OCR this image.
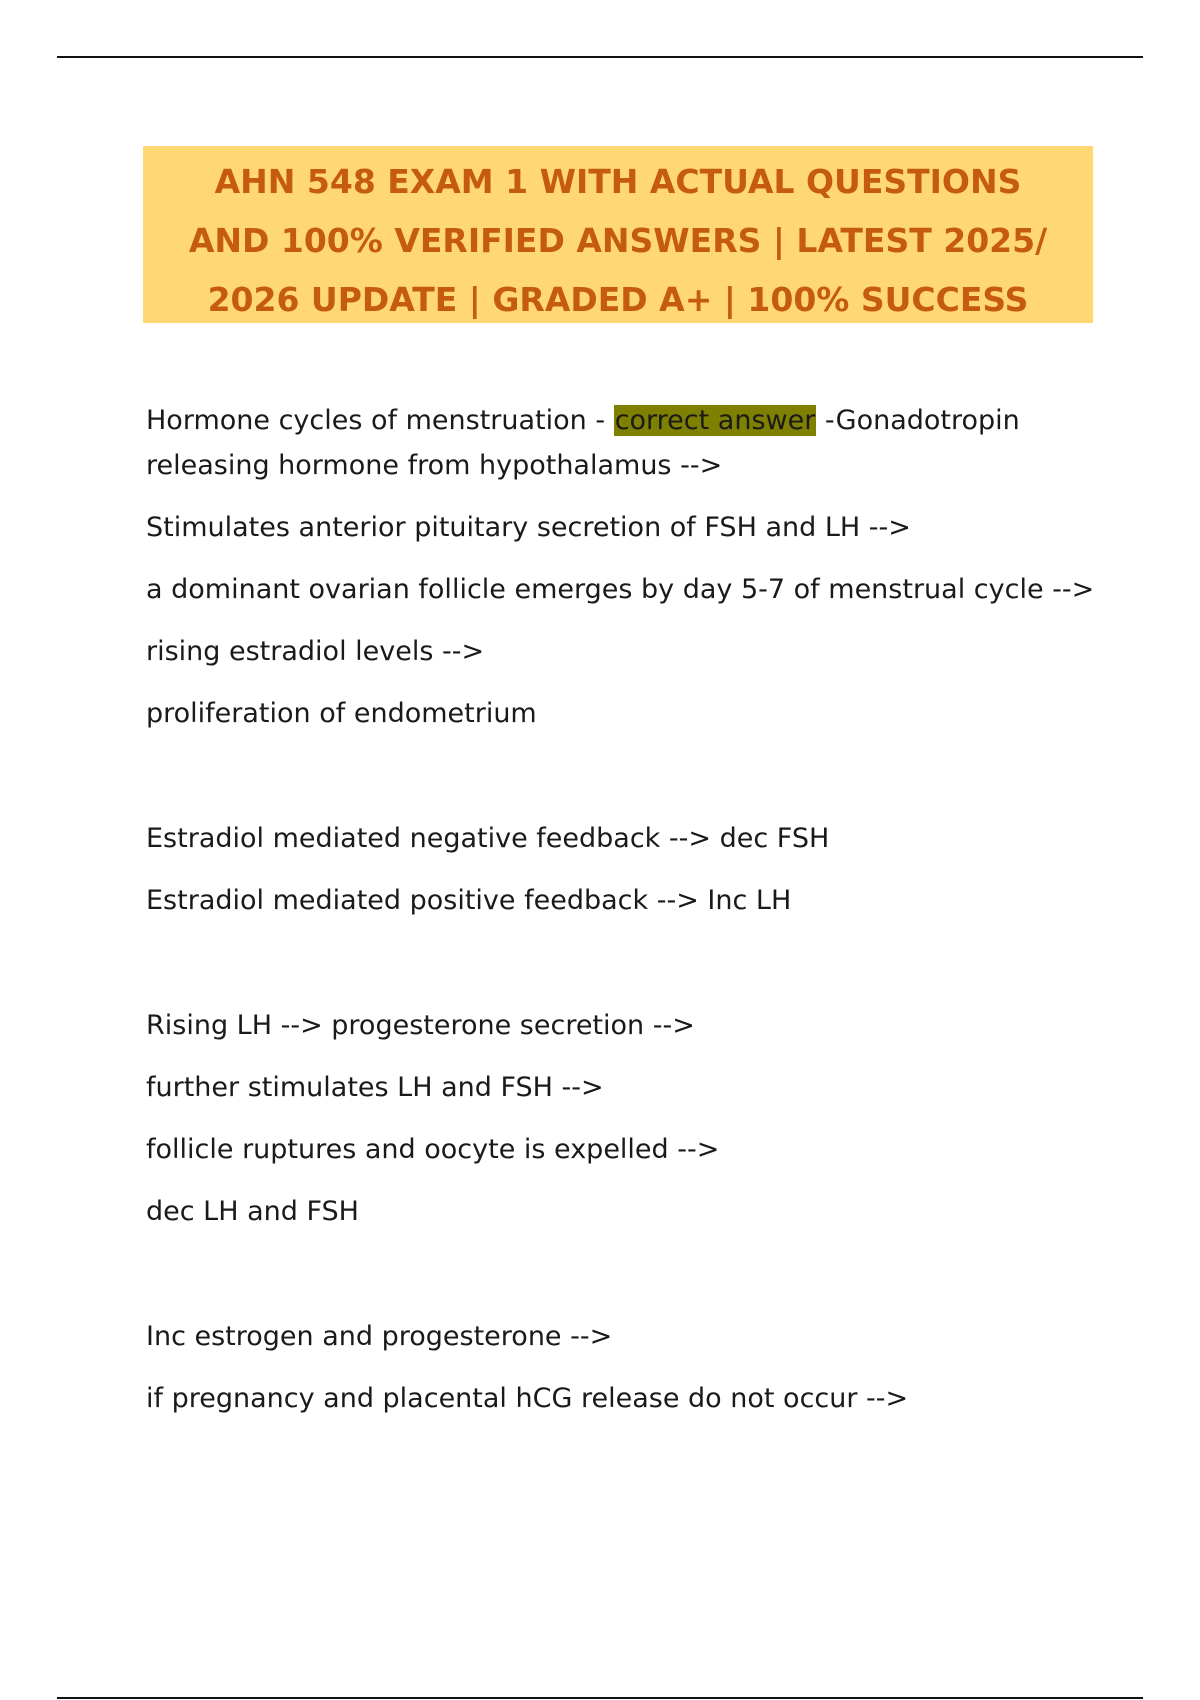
AHN 548 EXAM 1 WITH ACTUAL QUESTIONS
AND 100% VERIFIED ANSWERS | LATEST 2025/
2026 UPDATE | GRADED A+ | 100% SUCCESS

Hormone cycles of menstruation - correct answer -Gonadotropin
releasing hormone from hypothalamus -->

Stimulates anterior pituitary secretion of FSH and LH -->

a dominant ovarian follicle emerges by day 5-7 of menstrual cycle -->

rising estradiol levels -->

proliferation of endometrium

Estradiol mediated negative feedback --> dec FSH

Estradiol mediated positive feedback --> Inc LH

Rising LH --> progesterone secretion -->

further stimulates LH and FSH -->

follicle ruptures and oocyte is expelled -->

dec LH and FSH

Inc estrogen and progesterone -->

if pregnancy and placental hCG release do not occur -->
